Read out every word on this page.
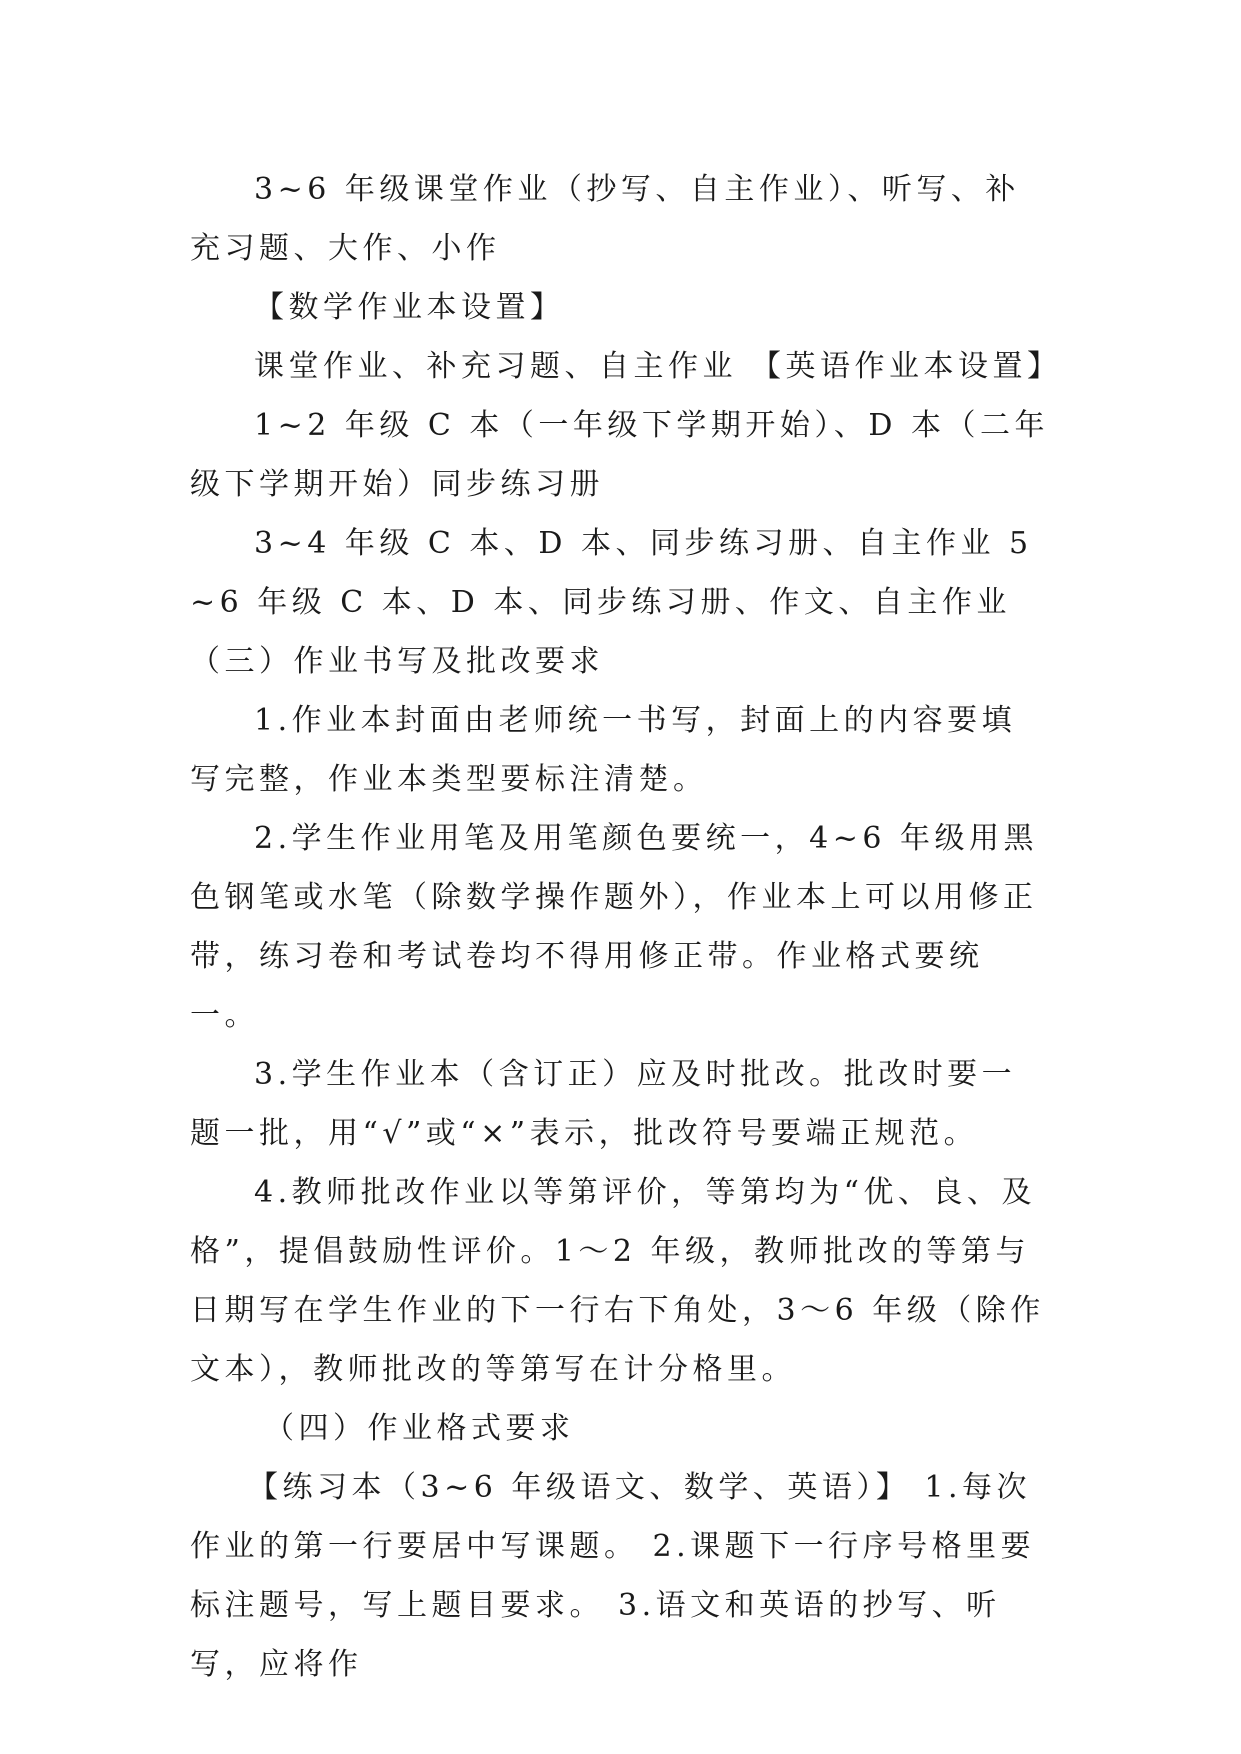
3~6 年级课堂作业（抄写、自主作业）、听写、补充习题、大作、小作

【数学作业本设置】

课堂作业、补充习题、自主作业 【英语作业本设置】

1~2 年级 C 本（一年级下学期开始）、D 本（二年级下学期开始）同步练习册

3~4 年级 C 本、D 本、同步练习册、自主作业 5~6 年级 C 本、D 本、同步练习册、作文、自主作业 （三）作业书写及批改要求

1.作业本封面由老师统一书写，封面上的内容要填写完整，作业本类型要标注清楚。

2.学生作业用笔及用笔颜色要统一，4~6 年级用黑色钢笔或水笔（除数学操作题外），作业本上可以用修正带，练习卷和考试卷均不得用修正带。作业格式要统一。

3.学生作业本（含订正）应及时批改。批改时要一题一批，用“√”或“×”表示，批改符号要端正规范。

4.教师批改作业以等第评价，等第均为“优、良、及格”，提倡鼓励性评价。1～2 年级，教师批改的等第与日期写在学生作业的下一行右下角处，3～6 年级（除作文本），教师批改的等第写在计分格里。

（四）作业格式要求

【练习本（3~6 年级语文、数学、英语）】 1.每次作业的第一行要居中写课题。 2.课题下一行序号格里要标注题号，写上题目要求。 3.语文和英语的抄写、听写，应将作
